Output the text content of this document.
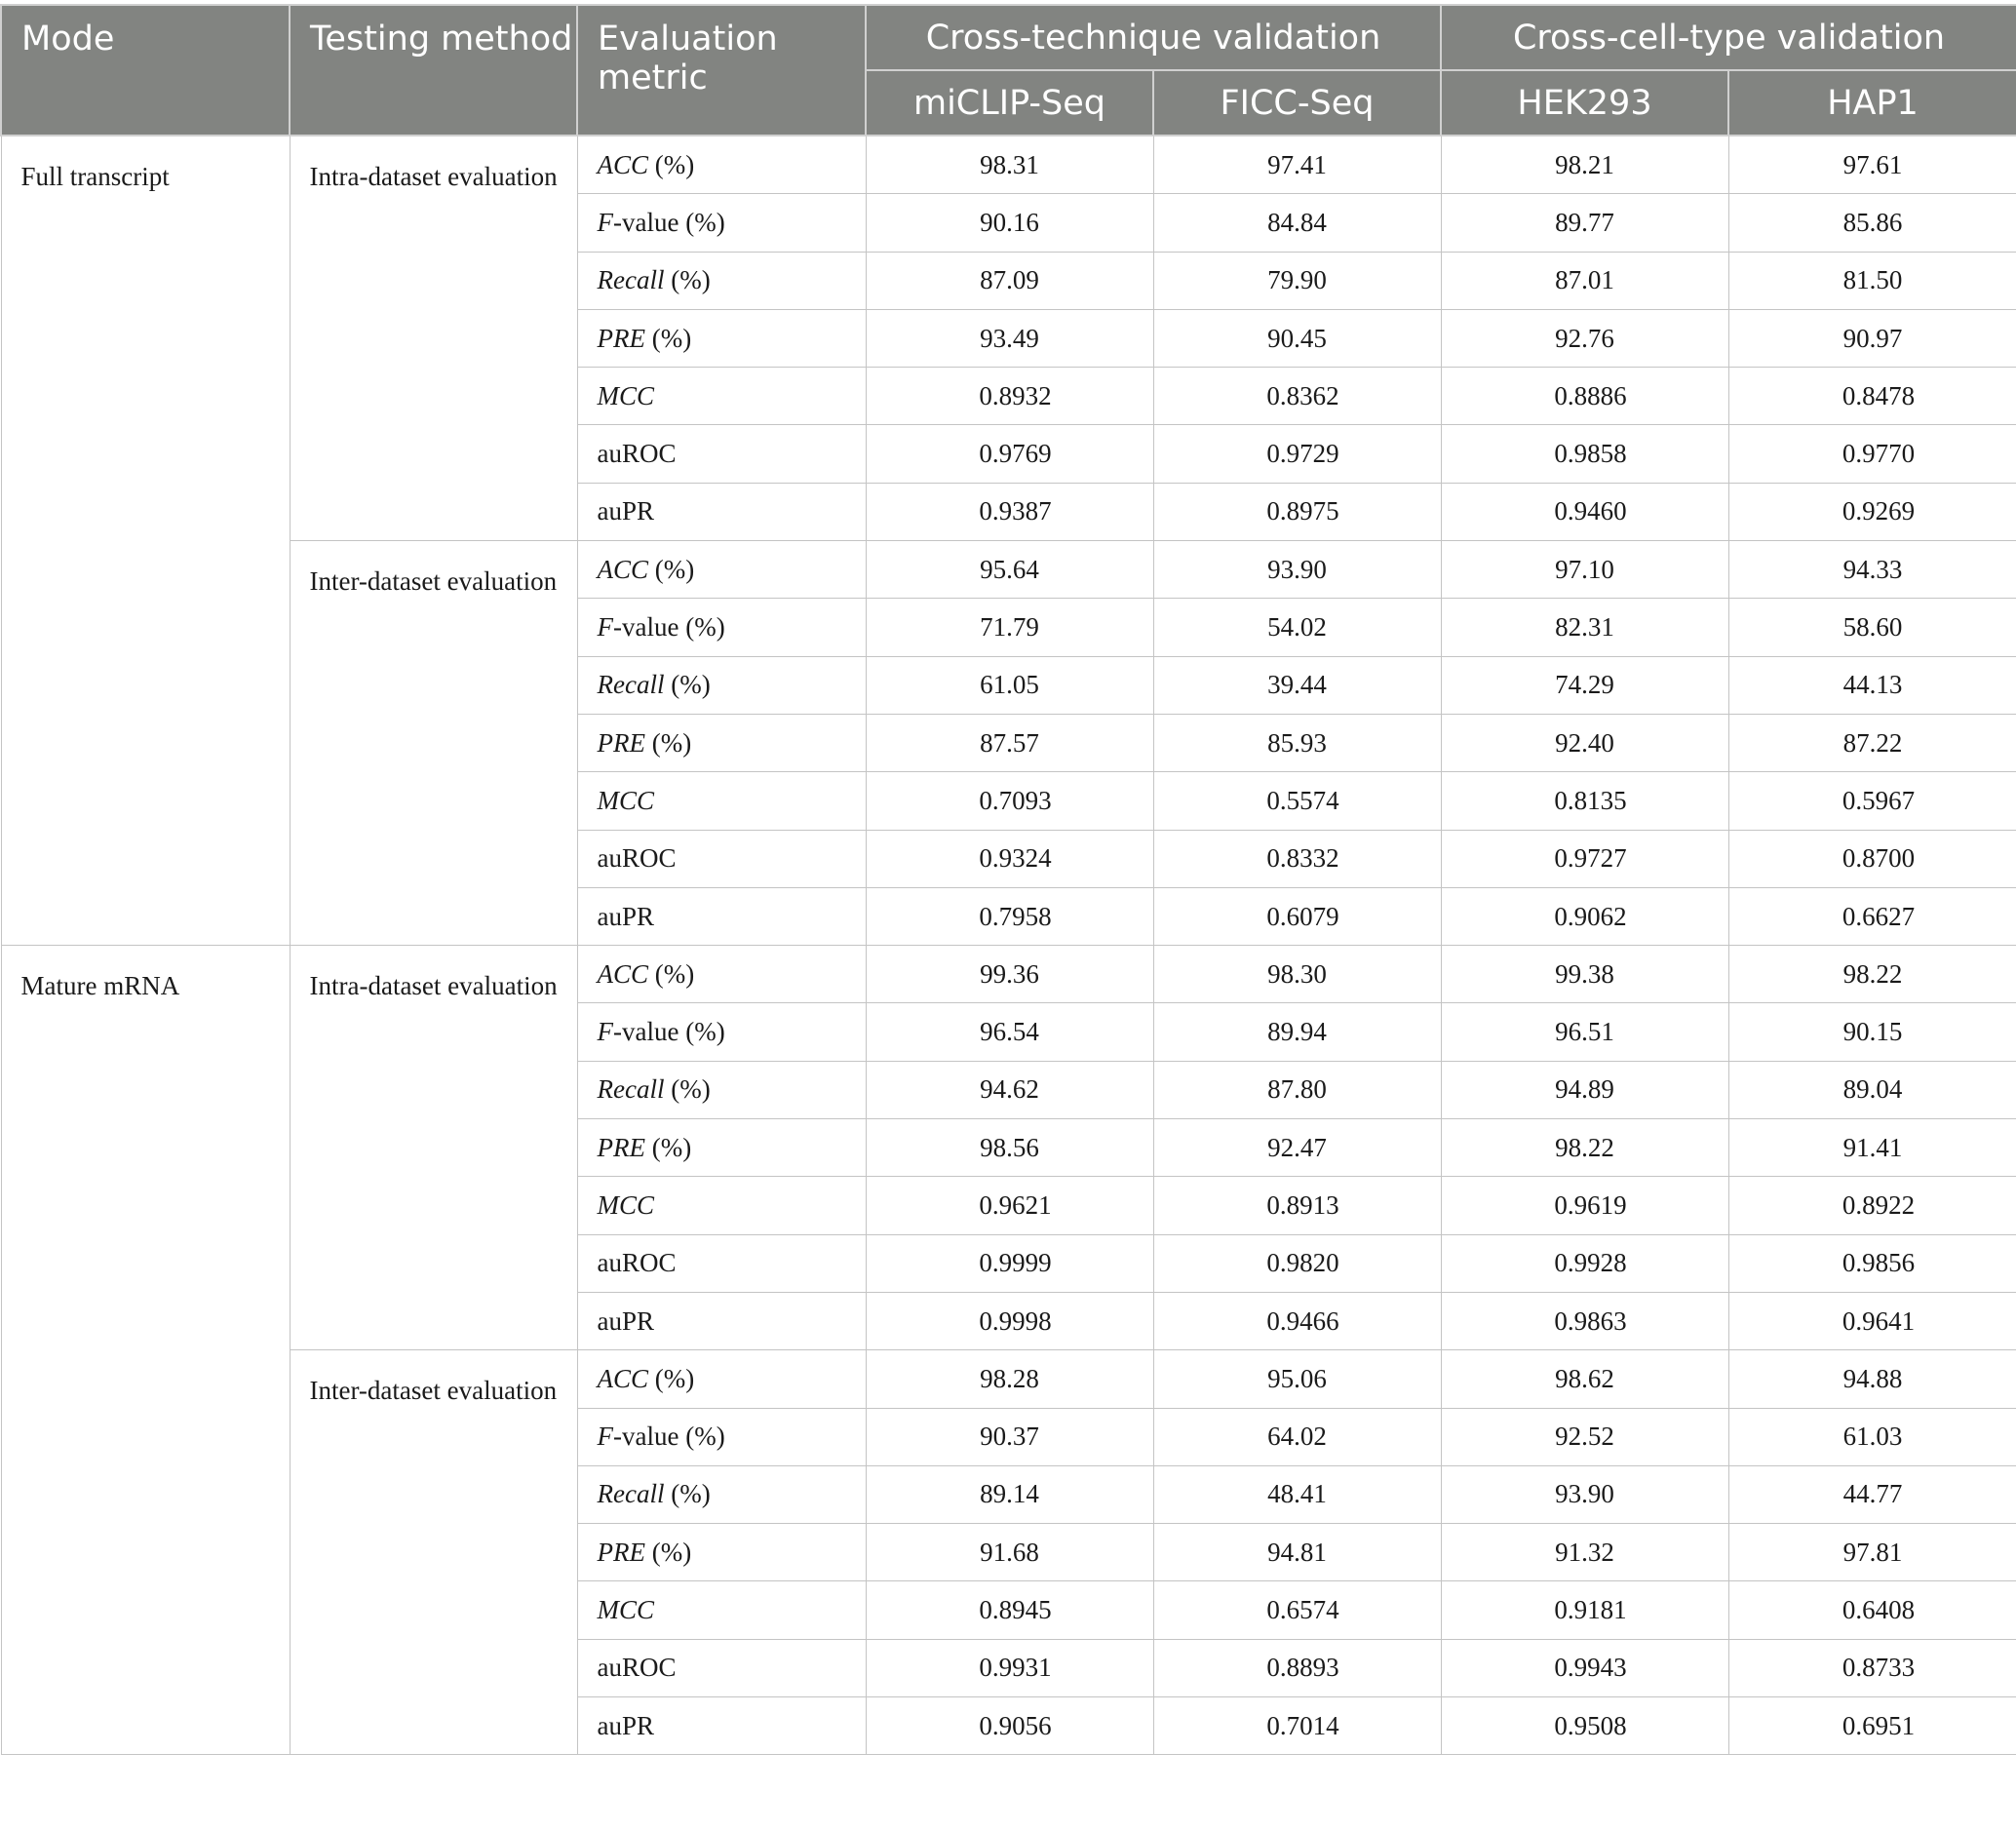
Mode	Testing method	Evaluation metric	Cross-technique validation		Cross-cell-type validation	
			miCLIP-Seq	FICC-Seq	HEK293	HAP1
Full transcript	Intra-dataset evaluation	ACC (%)	98.31	97.41	98.21	97.61
		F-value (%)	90.16	84.84	89.77	85.86
		Recall (%)	87.09	79.90	87.01	81.50
		PRE (%)	93.49	90.45	92.76	90.97
		MCC	0.8932	0.8362	0.8886	0.8478
		auROC	0.9769	0.9729	0.9858	0.9770
		auPR	0.9387	0.8975	0.9460	0.9269
	Inter-dataset evaluation	ACC (%)	95.64	93.90	97.10	94.33
		F-value (%)	71.79	54.02	82.31	58.60
		Recall (%)	61.05	39.44	74.29	44.13
		PRE (%)	87.57	85.93	92.40	87.22
		MCC	0.7093	0.5574	0.8135	0.5967
		auROC	0.9324	0.8332	0.9727	0.8700
		auPR	0.7958	0.6079	0.9062	0.6627
Mature mRNA	Intra-dataset evaluation	ACC (%)	99.36	98.30	99.38	98.22
		F-value (%)	96.54	89.94	96.51	90.15
		Recall (%)	94.62	87.80	94.89	89.04
		PRE (%)	98.56	92.47	98.22	91.41
		MCC	0.9621	0.8913	0.9619	0.8922
		auROC	0.9999	0.9820	0.9928	0.9856
		auPR	0.9998	0.9466	0.9863	0.9641
	Inter-dataset evaluation	ACC (%)	98.28	95.06	98.62	94.88
		F-value (%)	90.37	64.02	92.52	61.03
		Recall (%)	89.14	48.41	93.90	44.77
		PRE (%)	91.68	94.81	91.32	97.81
		MCC	0.8945	0.6574	0.9181	0.6408
		auROC	0.9931	0.8893	0.9943	0.8733
		auPR	0.9056	0.7014	0.9508	0.6951
